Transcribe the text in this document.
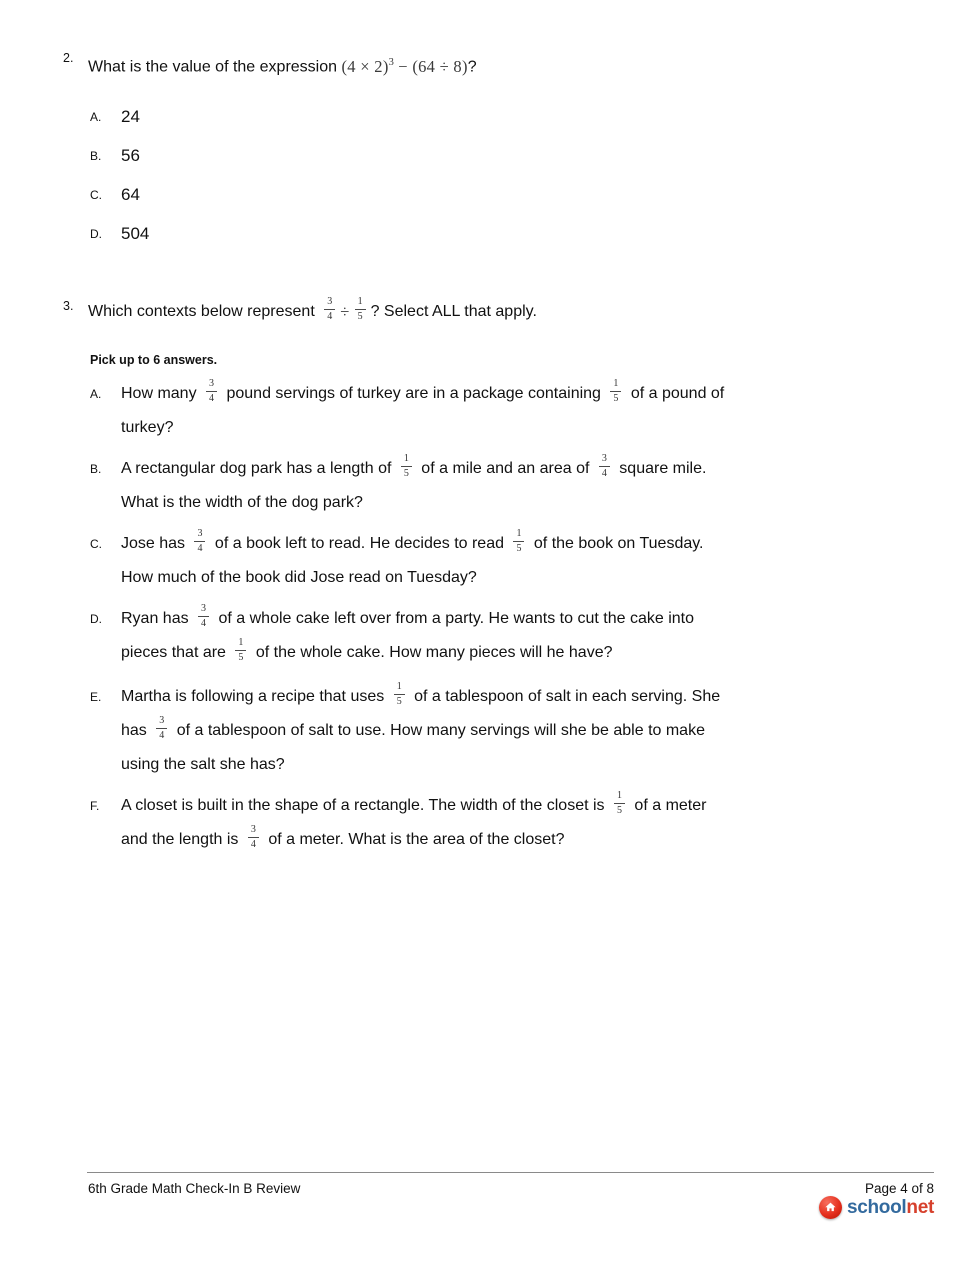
2.
What is the value of the expression $(4 \times 2)^3 - (64 \div 8)$?
A.	24
B.	56
C.	64
D.	504
3. Which contexts below represent $\frac{3}{4} \div \frac{1}{5}$ ? Select ALL that apply.
Pick up to 6 answers.
A.	How many $\frac{3}{4}$ pound servings of turkey are in a package containing $\frac{1}{5}$ of a pound of
turkey?
B.	A rectangular dog park has a length of $\frac{1}{5}$ of a mile and an area of $\frac{3}{4}$ square mile.
What is the width of the dog park?
C.	Jose has $\frac{3}{4}$ of a book left to read. He decides to read $\frac{1}{5}$ of the book on Tuesday.
How much of the book did Jose read on Tuesday?
D.	Ryan has $\frac{3}{4}$ of a whole cake left over from a party. He wants to cut the cake into
pieces that are $\frac{1}{5}$ of the whole cake. How many pieces will he have?
E.	Martha is following a recipe that uses $\frac{1}{5}$ of a tablespoon of salt in each serving. She
has $\frac{3}{4}$ of a tablespoon of salt to use. How many servings will she be able to make
using the salt she has?
F.	A closet is built in the shape of a rectangle. The width of the closet is $\frac{1}{5}$ of a meter
and the length is $\frac{3}{4}$ of a meter. What is the area of the closet?
6th Grade Math Check-In B Review	Page 4 of 8
school net
